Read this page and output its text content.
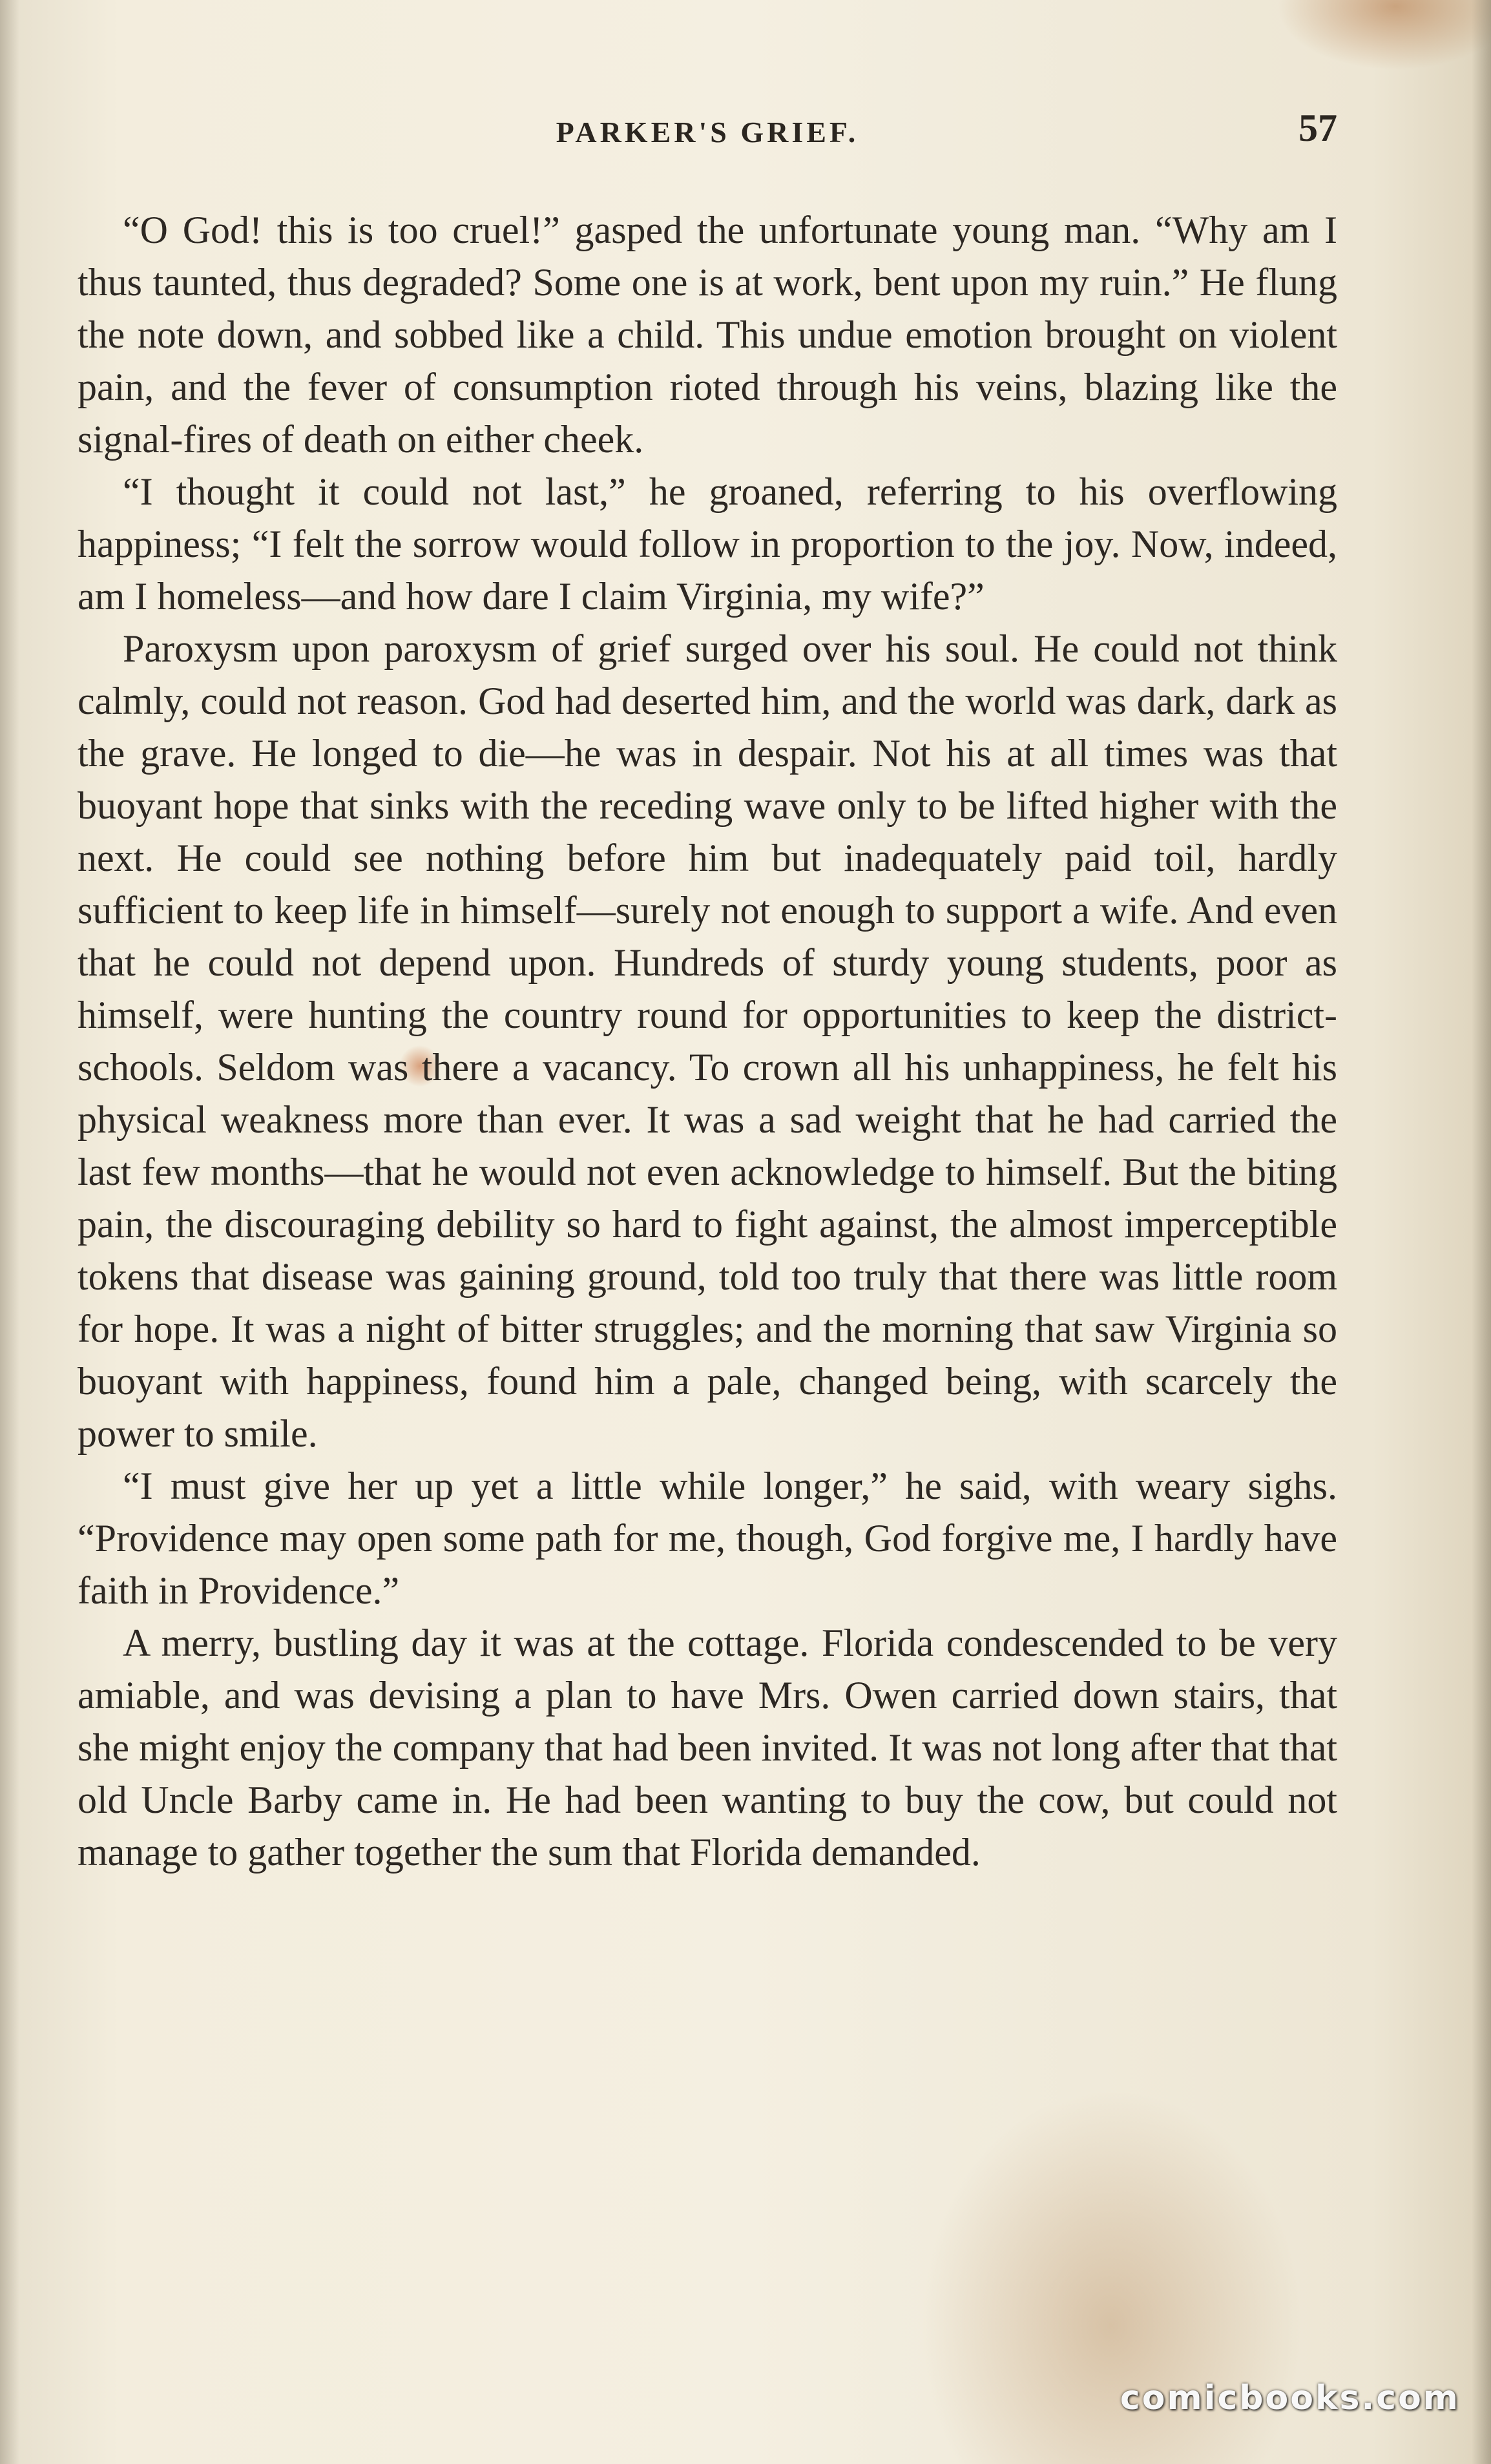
PARKER'S GRIEF.	57

“O God! this is too cruel!” gasped the unfortunate young man. “Why am I thus taunted, thus degraded? Some one is at work, bent upon my ruin.” He flung the note down, and sobbed like a child. This undue emotion brought on violent pain, and the fever of consumption rioted through his veins, blazing like the signal-fires of death on either cheek.

“I thought it could not last,” he groaned, referring to his overflowing happiness; “I felt the sorrow would follow in proportion to the joy. Now, indeed, am I homeless—and how dare I claim Virginia, my wife?”

Paroxysm upon paroxysm of grief surged over his soul. He could not think calmly, could not reason. God had deserted him, and the world was dark, dark as the grave. He longed to die—he was in despair. Not his at all times was that buoyant hope that sinks with the receding wave only to be lifted higher with the next. He could see nothing before him but inadequately paid toil, hardly sufficient to keep life in himself—surely not enough to support a wife. And even that he could not depend upon. Hundreds of sturdy young students, poor as himself, were hunting the country round for opportunities to keep the district-schools. Seldom was there a vacancy. To crown all his unhappiness, he felt his physical weakness more than ever. It was a sad weight that he had carried the last few months—that he would not even acknowledge to himself. But the biting pain, the discouraging debility so hard to fight against, the almost imperceptible tokens that disease was gaining ground, told too truly that there was little room for hope. It was a night of bitter struggles; and the morning that saw Virginia so buoyant with happiness, found him a pale, changed being, with scarcely the power to smile.

“I must give her up yet a little while longer,” he said, with weary sighs. “Providence may open some path for me, though, God forgive me, I hardly have faith in Providence.”

A merry, bustling day it was at the cottage. Florida condescended to be very amiable, and was devising a plan to have Mrs. Owen carried down stairs, that she might enjoy the company that had been invited. It was not long after that that old Uncle Barby came in. He had been wanting to buy the cow, but could not manage to gather together the sum that Florida demanded.

comicbooks.com
